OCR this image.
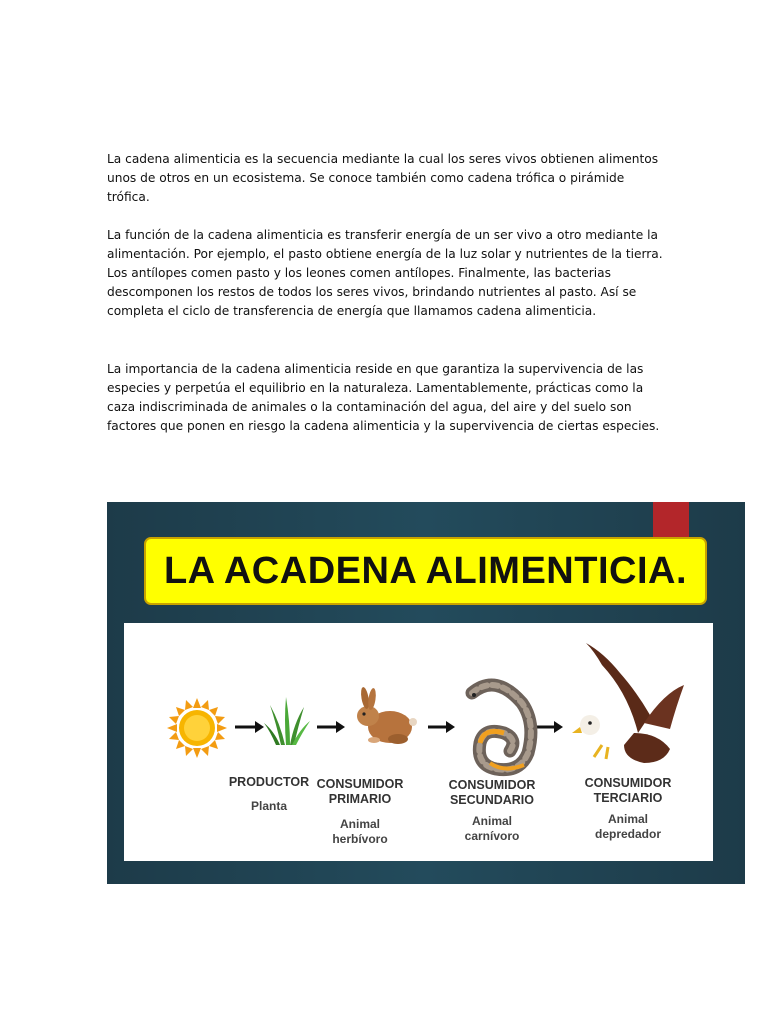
La cadena alimenticia es la secuencia mediante la cual los seres vivos obtienen alimentos unos de otros en un ecosistema. Se conoce también como cadena trófica o pirámide trófica.

La función de la cadena alimenticia es transferir energía de un ser vivo a otro mediante la alimentación. Por ejemplo, el pasto obtiene energía de la luz solar y nutrientes de la tierra. Los antílopes comen pasto y los leones comen antílopes. Finalmente, las bacterias descomponen los restos de todos los seres vivos, brindando nutrientes al pasto. Así se completa el ciclo de transferencia de energía que llamamos cadena alimenticia.

La importancia de la cadena alimenticia reside en que garantiza la supervivencia de las especies y perpetúa el equilibrio en la naturaleza. Lamentablemente, prácticas como la caza indiscriminada de animales o la contaminación del agua, del aire y del suelo son factores que ponen en riesgo la cadena alimenticia y la supervivencia de ciertas especies.

LA ACADENA ALIMENTICIA.
PRODUCTOR
Planta
CONSUMIDOR
PRIMARIO
Animal
herbívoro
CONSUMIDOR
SECUNDARIO
Animal
carnívoro
CONSUMIDOR
TERCIARIO
Animal
depredador
